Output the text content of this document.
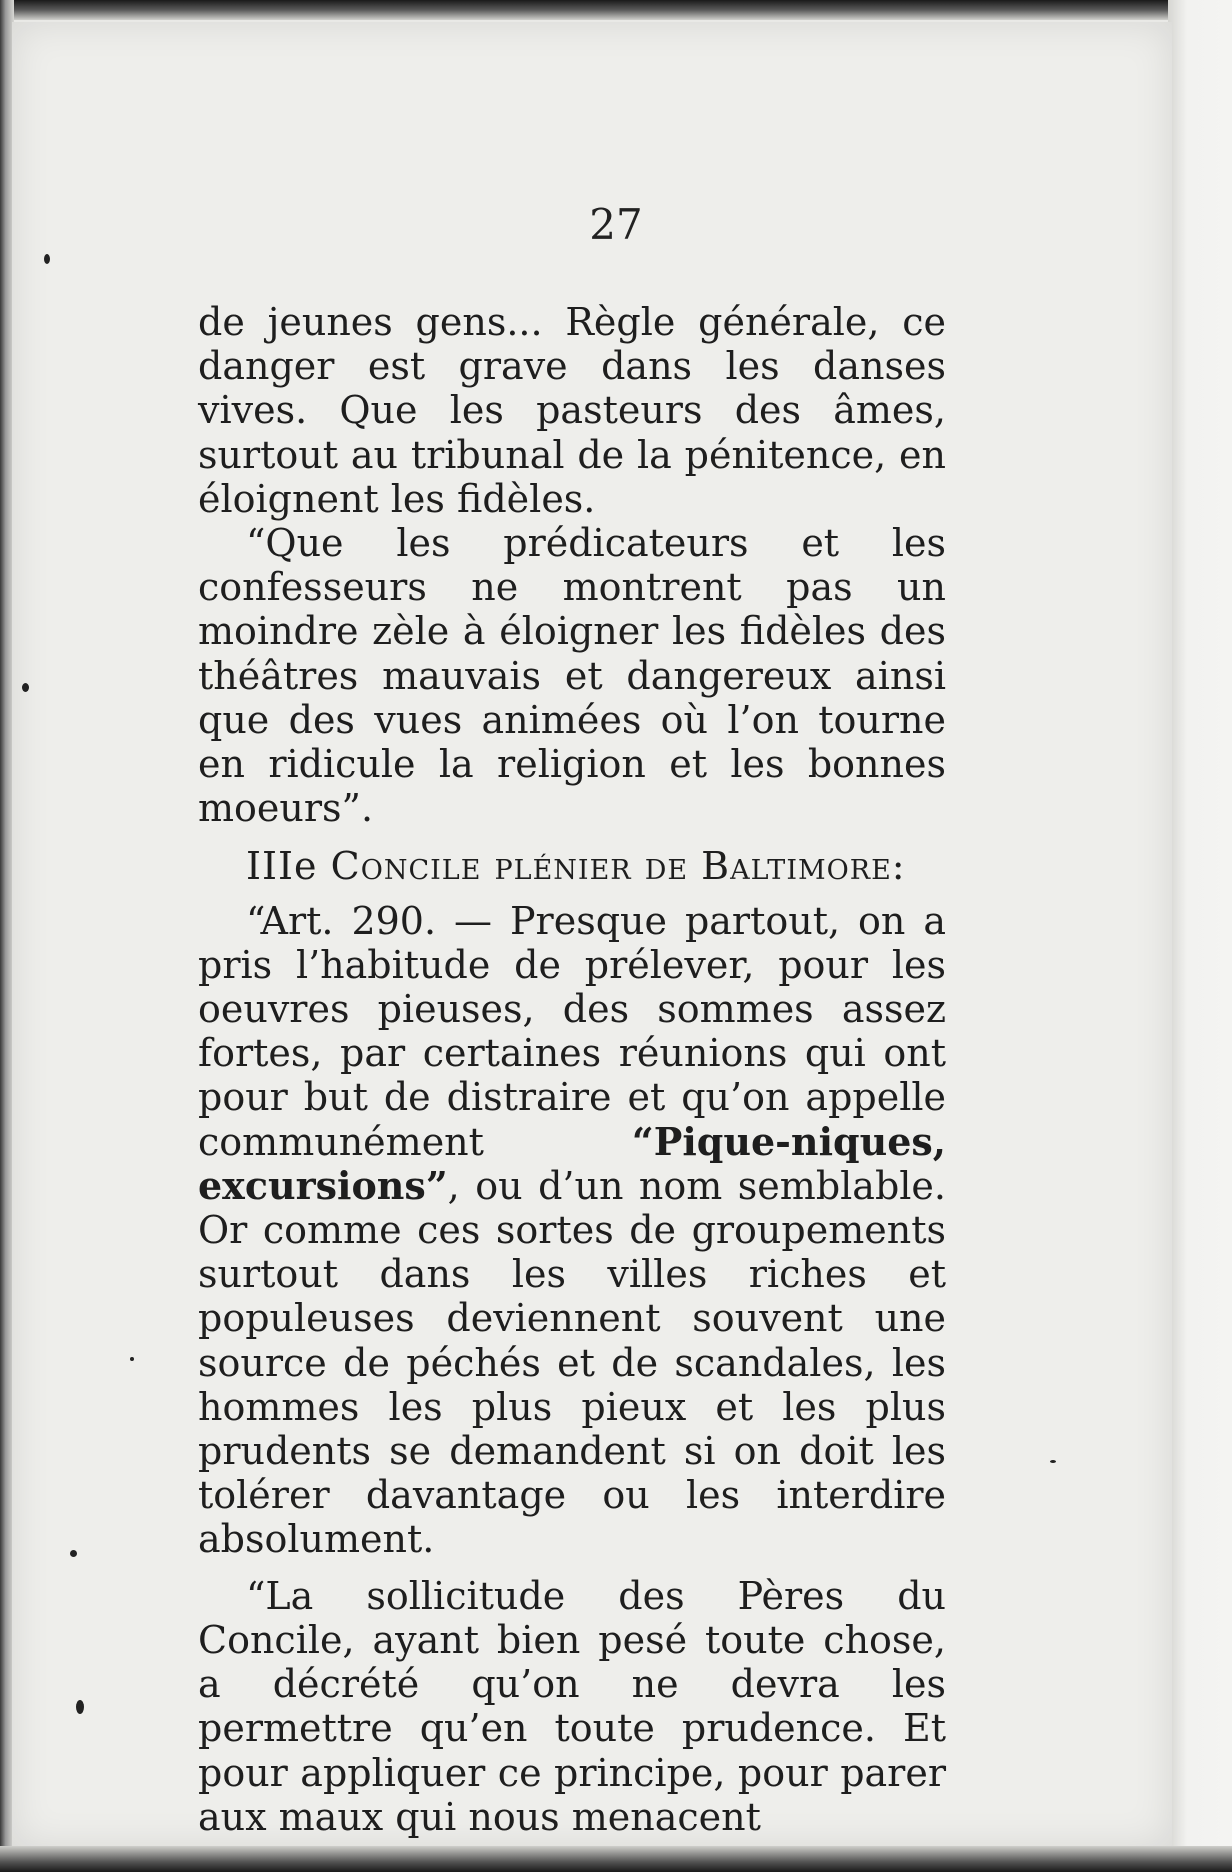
27

de jeunes gens... Règle générale, ce danger est grave dans les danses vives. Que les pasteurs des âmes, surtout au tribunal de la pénitence, en éloignent les fidèles.

“Que les prédicateurs et les confesseurs ne montrent pas un moindre zèle à éloigner les fidèles des théâtres mauvais et dangereux ainsi que des vues animées où l’on tourne en ridicule la religion et les bonnes moeurs”.

IIIe Concile plénier de Baltimore:

“Art. 290. — Presque partout, on a pris l’habitude de prélever, pour les oeuvres pieuses, des sommes assez fortes, par certaines réunions qui ont pour but de distraire et qu’on appelle communément “Pique-niques, excursions”, ou d’un nom semblable. Or comme ces sortes de groupements surtout dans les villes riches et populeuses deviennent souvent une source de péchés et de scandales, les hommes les plus pieux et les plus prudents se demandent si on doit les tolérer davantage ou les interdire absolument.

“La sollicitude des Pères du Concile, ayant bien pesé toute chose, a décrété qu’on ne devra les permettre qu’en toute prudence. Et pour appliquer ce principe, pour parer aux maux qui nous menacent
